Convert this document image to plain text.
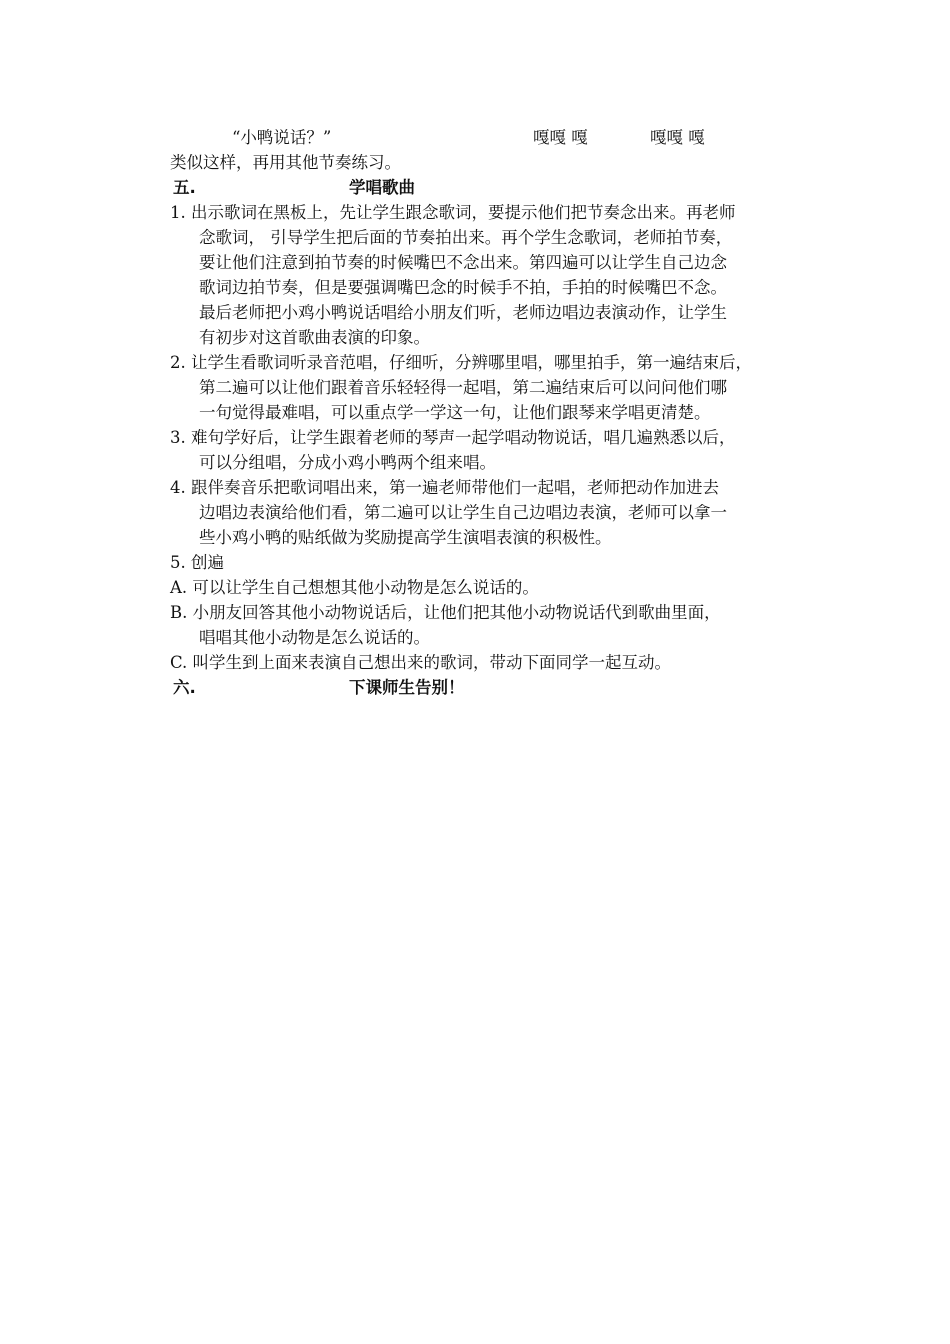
“小鸭说话？”	嘎嘎 嘎	嘎嘎 嘎
类似这样，再用其他节奏练习。
五.	学唱歌曲
1. 出示歌词在黑板上，先让学生跟念歌词，要提示他们把节奏念出来。再老师
念歌词， 引导学生把后面的节奏拍出来。再个学生念歌词，老师拍节奏，
要让他们注意到拍节奏的时候嘴巴不念出来。第四遍可以让学生自己边念
歌词边拍节奏，但是要强调嘴巴念的时候手不拍，手拍的时候嘴巴不念。
最后老师把小鸡小鸭说话唱给小朋友们听，老师边唱边表演动作，让学生
有初步对这首歌曲表演的印象。
2. 让学生看歌词听录音范唱，仔细听，分辨哪里唱，哪里拍手，第一遍结束后，
第二遍可以让他们跟着音乐轻轻得一起唱，第二遍结束后可以问问他们哪
一句觉得最难唱，可以重点学一学这一句，让他们跟琴来学唱更清楚。
3. 难句学好后，让学生跟着老师的琴声一起学唱动物说话，唱几遍熟悉以后，
可以分组唱，分成小鸡小鸭两个组来唱。
4. 跟伴奏音乐把歌词唱出来，第一遍老师带他们一起唱，老师把动作加进去
边唱边表演给他们看，第二遍可以让学生自己边唱边表演，老师可以拿一
些小鸡小鸭的贴纸做为奖励提高学生演唱表演的积极性。
5. 创遍
A. 可以让学生自己想想其他小动物是怎么说话的。
B. 小朋友回答其他小动物说话后，让他们把其他小动物说话代到歌曲里面，
唱唱其他小动物是怎么说话的。
C. 叫学生到上面来表演自己想出来的歌词，带动下面同学一起互动。
六.	下课师生告别！
